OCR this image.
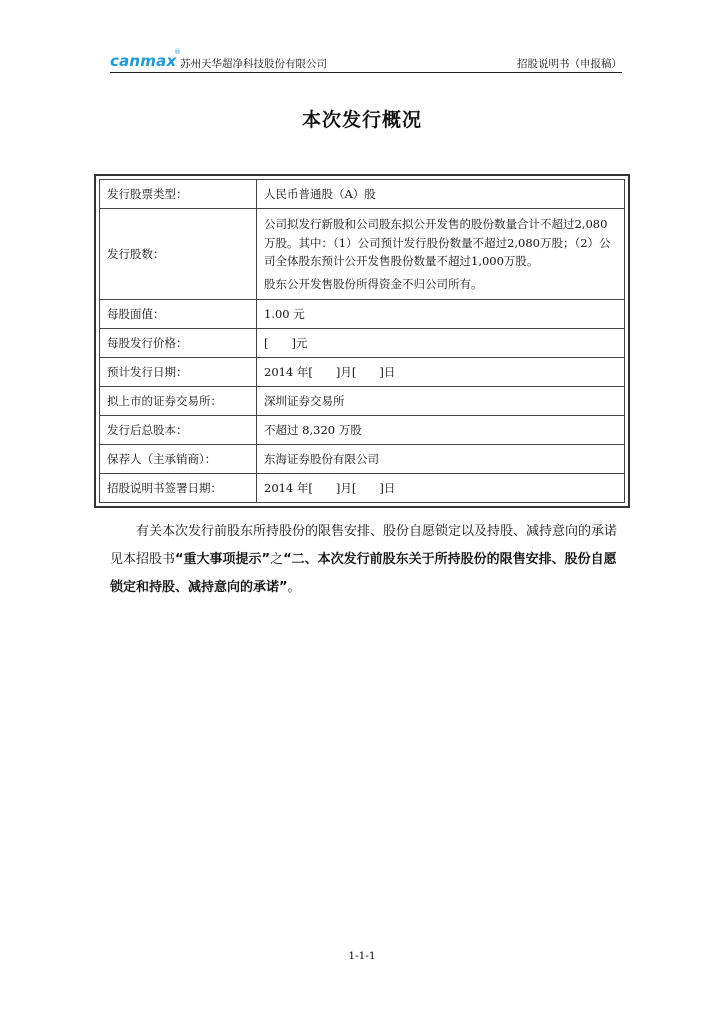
canmax
®
苏州天华超净科技股份有限公司	招股说明书（申报稿）
本次发行概况
发行股票类型：	人民币普通股（A）股
发行股数：	公司拟发行新股和公司股东拟公开发售的股份数量合计不超过2,080万股。其中：（1）公司预计发行股份数量不超过2,080万股；（2）公司全体股东预计公开发售股份数量不超过1,000万股。
股东公开发售股份所得资金不归公司所有。

每股面值：	1.00 元
每股发行价格：	[　　]元
预计发行日期：	2014 年[　　]月[　　]日
拟上市的证券交易所：	深圳证券交易所
发行后总股本：	不超过 8,320 万股
保荐人（主承销商）：	东海证券股份有限公司
招股说明书签署日期：	2014 年[　　]月[　　]日
有关本次发行前股东所持股份的限售安排、股份自愿锁定以及持股、减持意向的承诺见本招股书“重大事项提示”之“二、本次发行前股东关于所持股份的限售安排、股份自愿锁定和持股、减持意向的承诺”。
1-1-1
